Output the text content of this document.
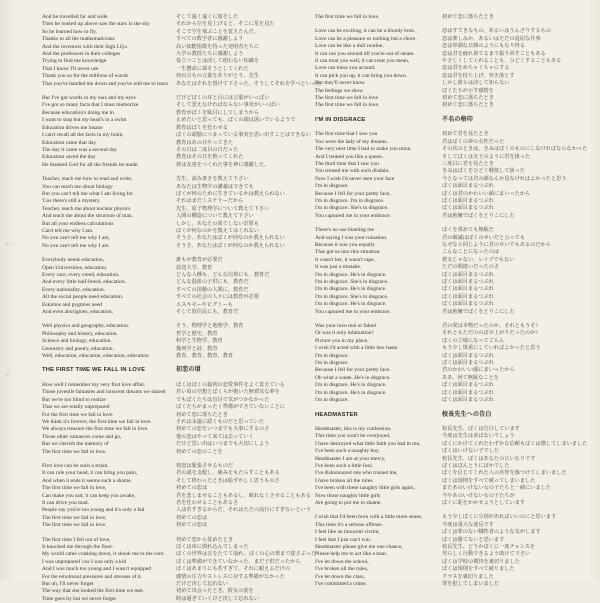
→
→
And he travelled far and wide
Then he looked up above saw the stars in the sky
So he learned how to fly.
Thanks to all the mathematicians
And the inventors with their high I.Q.s
And the professors in their colleges
Trying to find me knowledge
That I know I'll never use
Thank you so for the millions of words
That you've handed me down and you've told me to learn
But I've got words in my ears and my eyes
I've got so many facts that I must memorize
Because education's doing me in
I want to stop but my head's in a swim
Education drives me insane
I can't recall all the facts in my brain,
Education came that day
The day it came was a second day
Education saved the day
He thanked God for all the friends he made.
Teacher, teach me how to read and write,
You can teach me about biology
But you can't tell me what I am living for
'Cos there's still a mystery.
Teacher, teach me about nuclear physics
And teach me about the structure of man,
But all your endless calculations
Can't tell me why I am.
No you can't tell me why I am,
No you can't tell me why I am.
Everybody needs education,
Open Universities, education.
Every race, every creed, education.
And every little half-breed, education.
Every nationality, education.
All the social people need education.
Eskimos and pygmies need
And even aborigines, education.
Well physics and geography, education.
Philosophy and history, education.
Science and biology, education.
Geometry and poetry, education.
Well, education, education, education, education
THE FIRST TIME WE FALL IN LOVE
How well I remember my very first love affair.
Those juvenile fantasies and innocent dreams we shared
But we're too blind to realize
That we are totally unprepared
For the first time we fall in love.
We think it's forever, the first time we fall in love.
We always treasure the first time we fall in love.
Those other romances come and go,
But we cherish the memory of
The first time we fall in love.
First love can be such a strain.
It can rule your head, it can bring you pain,
And when it ends it seems such a shame.
The first time we fall in love,
Can make you sad, it can keep you awake,
It can drive you mad.
People say you're too young and it's only a fad
The first time we fall in love,
The first time we fall in love.
The first time I fell out of love,
It knocked me through the floor.
My world came crashing down, it shook me to the core.
I was unprepared 'cos I was only a kid
And I was much too young and I wasn't equipped
For the emotional pressures and stresses of it.
But oh, I'll never forget
The way that she looked the first time we met.
Time goes by but we never forget
そして遠く遠くに旅をした
それから空を見上げると、そこに星を見た
そこで空を飛ぶことを覚えたんだ。
すべての数学者に感謝しよう
高い知能指数を持った発明者たちに
大学の教授たちに感謝しよう
役立つことは決して使わない知識を
一生懸命に探そうとしてくれた
何百万もの言葉をありがとう、先生
あなたはそれを授けて下さった、そうしてそれを学べといった
だけどぼくの耳と目には言葉がいっぱい
そして覚えなければならない事実がいっぱい
教育がぼくを駄目にしてしまうから
止めたいと思っても、ぼくの頭は泳いでいるようで
教育はぼくを狂わせる
ぼくの頭脳につまっている事実を思い出すことはできない
教育はあの日やってきた
その日は二度目の日だった
教育はその日を救ってくれた
彼は友達をつくれた事を神に感謝した。
先生、読み書きを教えて下さい
あなたは生物学の講義はできても
ぼくが何のために生きているかは教えられない
それはまだミステリーだから
先生、原子物理学について教えて下さい
人間の構造について教えて下さい
しかし、あなたの果てしない計算も
ぼくが何なのかを教えてはくれない
そうさ、あなたはぼくが何なのか教えられない
そうさ、あなたはぼくが何なのか教えられない
誰もが教育が必要だ
放送大学、教育
どんな人種も、どんな信仰にも、教育だ
どんな混血の子供にも、教育だ
すべての国籍の人間に、教育だ
すべての社会の人々には教育が必要
エスキモーやピグミーも
そして原住民にも、教育だ
そう、物理学と地理学、教育
哲学と歴史、教育
科学と生物学、教育
幾何学と詩、教育
教育、教育、教育、教育
初恋の頃
ぼくはぼくの最初の恋愛事件をよく覚えている
若い頃の空想とぼくらが抱いた無邪気な夢を
でもぼくたちは盲目で気がつかなかった
ぼくたちがまったく準備ができていないことに
初めて恋に落ちたとき
それは永遠に続くものだと思っていた
初めての恋をいつまでも大事にするのさ
他の恋はやって来ては去っていく
だけど思い出はいつまでも大切にしよう
初めての恋のことを
初恋は緊張させるものだ
君の頭を支配し、痛みをもたらすこともある
そして終わったときは恥ずかしく思うものさ
初めての恋は
君を悲しませることもあるし、眠れなくさせることもある
君を狂わせることもあるさ
人は若すぎるからだ、それはただの流行にすぎないという
初めての恋は
初めての恋は
初めて恋から覚めたとき
ぼくは床に倒れ込んでしまった
ぼくの世界は音をたてて崩れ、ぼくの心の奥まで揺さぶった
ぼくは準備ができていなかった、まだ子供だったから
ぼくはあまりにも若すぎて、それに耐えるだけの
感情の圧力やストレスに対する準備がなかった
だけど決して忘れない
初めて出会ったとき、彼女の姿を
時は過ぎていくけど決して忘れない
The first time we fall in love.
Love can be exciting, it can be a bloody bore.
Love can be a pleasure or nothing but a chore.
Love can be like a dull routine,
It can run you around till you're out of steam.
It can treat you well, it can treat you mean,
Love can mess you around.
It can pick you up, it can bring you down.
But they'll never know
The feelings we show
The first time we fall in love
The first time we fall in love.
I'M IN DISGRACE
The first time that I saw you
You were the lady of my dreams.
The very next time I had to make you mine,
And I treated you like a queen.
The third time that I saw you
You treated me with such disdain.
Now I wish I'd never seen your face
I'm in disgrace.
Because I fell for your pretty face,
I'm in disgrace. I'm in disgrace.
I'm in disgrace. She's in disgrace.
You captured me in your embrace.
There's no use blaming me
And saying I was your ruination.
Because it was you equally
That got us into this situation.
It wasn't her, it wasn't rape,
It was just a mistake.
I'm in disgrace. He's in disgrace.
I'm in disgrace. She's in disgrace.
I'm in disgrace. He's in disgrace.
I'm in disgrace. She's in disgrace.
I'm in disgrace. He's in disgrace.
You captured me in your embrace.
Was your love real or faked
Or was it only infatuation?
Picture you in my place,
I wish I'd acted with a little less haste.
I'm in disgrace.
I'm in disgrace.
Because I fell for your pretty face.
Oh what a waste. He's in disgrace.
I'm in disgrace. He's in disgrace.
I'm in disgrace. He's in disgrace.
I'm in disgrace.
HEADMASTER
Headmaster, this is my confession.
This time you won't be overjoyed,
I have destroyed what little faith you had in me,
I've been such a naughty boy.
Headmaster I am at your mercy,
I've been such a little fool.
I've dishonoured one who trusted me,
I have broken all the rules.
I've been with these naughty little girls again,
Now those naughty little girls
Are going to put me to shame.
I wish that I'd been born with a little more sense,
This time it's a serious offense.
I feel like an innocent victim,
I feel that I just can't win.
Headmaster please give me one chance,
Please help me to act like a man.
I've let down the school,
I've broken all the rules,
I've let down the class,
I've committed a crime.
初めて恋に落ちたとき
恋はすてきなもの、あるいはうんざりするもの
恋は楽しみか、あるいはただの退屈な仕事
恋は単調な日課のようにもなり得る
恋は君を疲れ果てるまで振り回すこともある
やさしくしてくれることも、ひどくすることもある
恋は君をめちゃくちゃにする
恋は君を持ち上げ、突き落とす
しかし彼らは決して知らない
ぼくたちが示す感情を
初めて恋に落ちたとき
初めて恋に落ちたとき
不名の格印
初めて君を見たとき
君はぼくの夢の女性だった
その次のときは、きみはぼくのものにしなければならなかった
そしてぼくは女王のように君を扱った
三度目に君を見たとき
きみはぼくをひどく軽蔑して扱った
今となっては君の顔なんか見なければよかったと思う
ぼくは面目まるつぶれ
ぼくは君のかわいい顔にまいったから
ぼくは面目まるつぶれ
ぼくは面目まるつぶれ
君は抱擁でぼくをとりこにした
ぼくを責めても無駄だ
君の破滅はぼくのせいだと言っても
なぜなら同じように君のせいでもあるのだから
こんなことになったのは
彼女じゃない、レイプでもない
ただの間違いだったのさ
ぼくは面目まるつぶれ
ぼくは面目まるつぶれ
ぼくは面目まるつぶれ
ぼくは面目まるつぶれ
ぼくは面目まるつぶれ
君は抱擁でぼくをとりこにした
君の愛は本物だったのか、それともうそ?
それともただののぼせ上がりだったのか?
ぼくの立場になってごらん
もう少し慎重にしていればよかったと思う
ぼくは面目まるつぶれ
ぼくは面目まるつぶれ
君のかわいい顔にまいったから
ああ、何て無駄なことを
ぼくは面目まるつぶれ
ぼくは面目まるつぶれ
ぼくは面目まるつぶれ
校長先生への告白
校長先生、ぼくは告白しています
今度は先生は喜ばないでしょう
ぼくにかけてくれたわずかな信頼もぼくは壊してしまいました
ぼくはいけない子でした
校長先生、ぼくはあなたの言いなりです
ぼくはほんとうにばかでした
ぼくを信じてくれた人の名誉を傷つけてしまいました
ぼくは規則をすべて破ってしまいました
またあのいけない女の子たちと一緒にいました
今やあのいけない女の子たちが
ぼくに恥をかかせようとしています
もう少しぼくに分別があればいいのにと思います
今度は重大な違反です
ぼくは罪のない犠牲者のような気がします
ぼくは勝てないと思います
校長先生、どうかぼくに一度チャンスを
男らしく行動できるよう助けて下さい
ぼくは学校の期待を裏切りました
ぼくは規則をすべて破りました
クラスを裏切りました
罪を犯してしまいました
